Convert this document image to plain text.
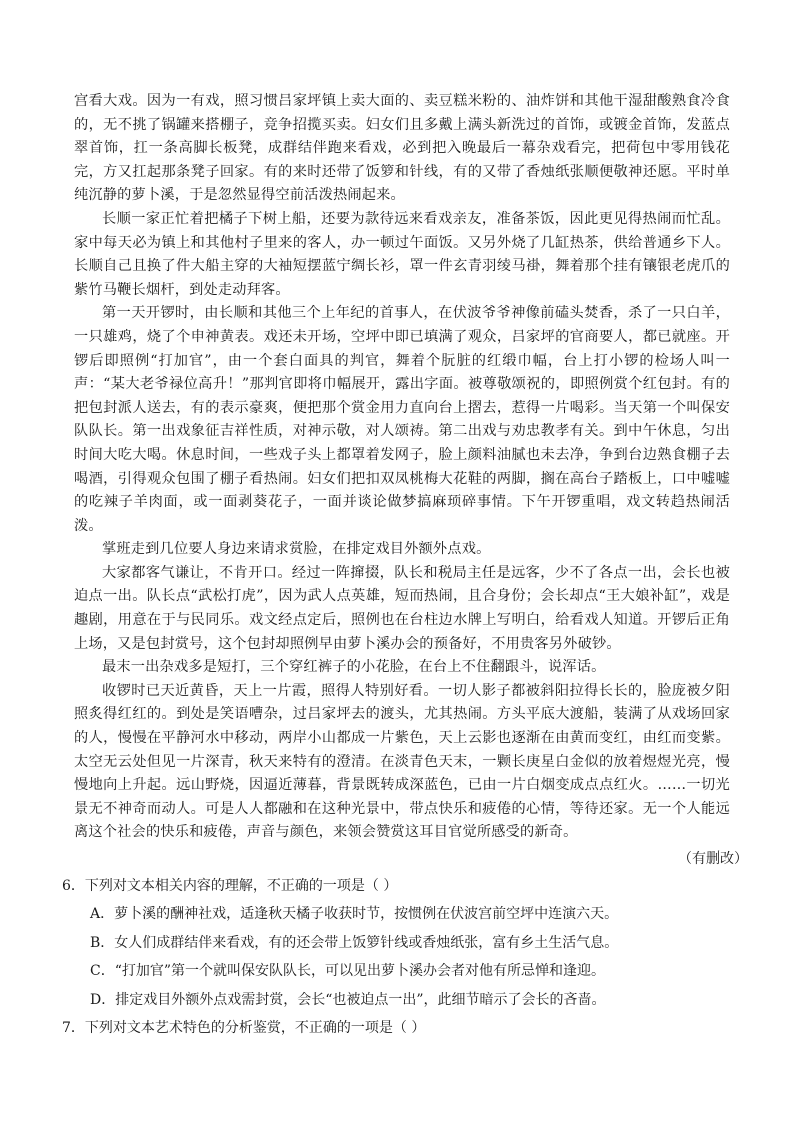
宫看大戏。因为一有戏，照习惯吕家坪镇上卖大面的、卖豆糕米粉的、油炸饼和其他干湿甜酸熟食冷食的，无不挑了锅罐来搭棚子，竞争招揽买卖。妇女们且多戴上满头新洗过的首饰，或镀金首饰，发蓝点翠首饰，扛一条高脚长板凳，成群结伴跑来看戏，必到把入晚最后一幕杂戏看完，把荷包中零用钱花完，方又扛起那条凳子回家。有的来时还带了饭箩和针线，有的又带了香烛纸张顺便敬神还愿。平时单纯沉静的萝卜溪，于是忽然显得空前活泼热闹起来。

长顺一家正忙着把橘子下树上船，还要为款待远来看戏亲友，准备茶饭，因此更见得热闹而忙乱。家中每天必为镇上和其他村子里来的客人，办一顿过午面饭。又另外烧了几缸热茶，供给普通乡下人。长顺自己且换了件大船主穿的大袖短摆蓝宁绸长衫，罩一件玄青羽绫马褂，舞着那个挂有镶银老虎爪的紫竹马鞭长烟杆，到处走动拜客。

第一天开锣时，由长顺和其他三个上年纪的首事人，在伏波爷爷神像前磕头焚香，杀了一只白羊，一只雄鸡，烧了个申神黄表。戏还未开场，空坪中即已填满了观众，吕家坪的官商要人，都已就座。开锣后即照例“打加官”，由一个套白面具的判官，舞着个朊脏的红缎巾幅，台上打小锣的检场人叫一声：“某大老爷禄位高升！”那判官即将巾幅展开，露出字面。被尊敬颂祝的，即照例赏个红包封。有的把包封派人送去，有的表示豪爽，便把那个赏金用力直向台上摺去，惹得一片喝彩。当天第一个叫保安队队长。第一出戏象征吉祥性质，对神示敬，对人颂祷。第二出戏与劝忠教孝有关。到中午休息，匀出时间大吃大喝。休息时间，一些戏子头上都罩着发网子，脸上颜料油腻也未去净，争到台边熟食棚子去喝酒，引得观众包围了棚子看热闹。妇女们把扣双凤桃梅大花鞋的两脚，搁在高台子踏板上，口中嘘嘘的吃辣子羊肉面，或一面剥葵花子，一面并谈论做梦搞麻顼碎事情。下午开锣重唱，戏文转趋热闹活泼。

掌班走到几位要人身边来请求赏脸，在排定戏目外额外点戏。

大家都客气谦让，不肯开口。经过一阵撺掇，队长和税局主任是远客，少不了各点一出，会长也被迫点一出。队长点“武松打虎”，因为武人点英雄，短而热闹，且合身份；会长却点“王大娘补缸”，戏是趣剧，用意在于与民同乐。戏文经点定后，照例也在台柱边水牌上写明白，给看戏人知道。开锣后正角上场，又是包封赏号，这个包封却照例早由萝卜溪办会的预备好，不用贵客另外破钞。

最末一出杂戏多是短打，三个穿红裤子的小花脸，在台上不住翻跟斗，说浑话。

收锣时已天近黄昏，天上一片霞，照得人特别好看。一切人影子都被斜阳拉得长长的，脸庞被夕阳照炙得红红的。到处是笑语嘈杂，过吕家坪去的渡头，尤其热闹。方头平底大渡船，装满了从戏场回家的人，慢慢在平静河水中移动，两岸小山都成一片紫色，天上云影也逐渐在由黄而变红，由红而变紫。太空无云处但见一片深青，秋天来特有的澄清。在淡青色天末，一颗长庚星白金似的放着煜煜光亮，慢慢地向上升起。远山野烧，因逼近薄暮，背景既转成深蓝色，已由一片白烟变成点点红火。……一切光景无不神奇而动人。可是人人都融和在这种光景中，带点快乐和疲倦的心情，等待还家。无一个人能远离这个社会的快乐和疲倦，声音与颜色，来领会赞赏这耳目官觉所感受的新奇。

（有删改）

6．下列对文本相关内容的理解，不正确的一项是（ ）

A．萝卜溪的酬神社戏，适逢秋天橘子收获时节，按惯例在伏波宫前空坪中连演六天。

B．女人们成群结伴来看戏，有的还会带上饭箩针线或香烛纸张，富有乡土生活气息。

C．“打加官”第一个就叫保安队队长，可以见出萝卜溪办会者对他有所忌惮和逢迎。

D．排定戏目外额外点戏需封赏，会长“也被迫点一出”，此细节暗示了会长的吝啬。

7．下列对文本艺术特色的分析鉴赏，不正确的一项是（ ）
